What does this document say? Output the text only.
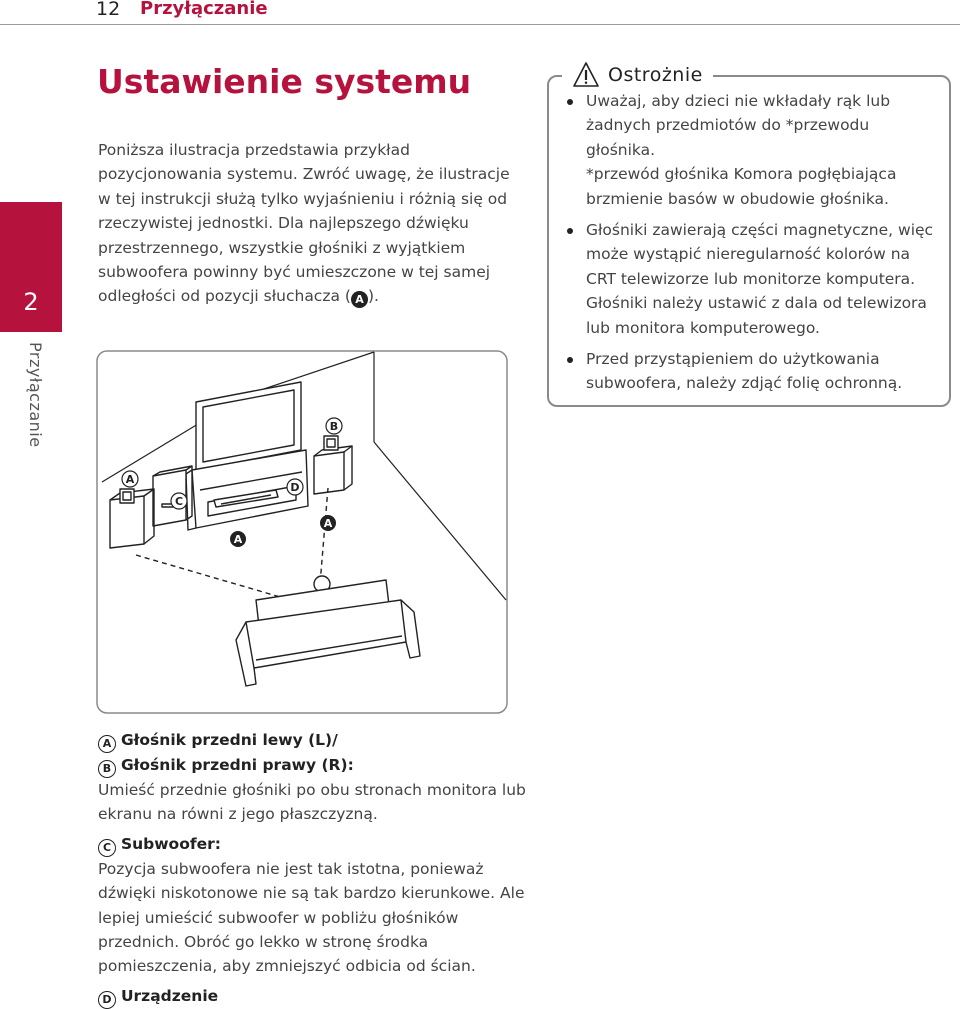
12 Przyłączanie
2
Przyłączanie
Ustawienie systemu
Poniższa ilustracja przedstawia przykład pozycjonowania systemu. Zwróć uwagę, że ilustracje w tej instrukcji służą tylko wyjaśnieniu i różnią się od rzeczywistej jednostki. Dla najlepszego dźwięku przestrzennego, wszystkie głośniki z wyjątkiem subwoofera powinny być umieszczone w tej samej odległości od pozycji słuchacza ( A ).
Ostrożnie
Uważaj, aby dzieci nie wkładały rąk lub żadnych przedmiotów do *przewodu głośnika.
*przewód głośnika Komora pogłębiająca brzmienie basów w obudowie głośnika.
Głośniki zawierają części magnetyczne, więc może wystąpić nieregularność kolorów na CRT telewizorze lub monitorze komputera. Głośniki należy ustawić z dala od telewizora lub monitora komputerowego.
Przed przystąpieniem do użytkowania subwoofera, należy zdjąć folię ochronną.
A
B
C
D
A
A

A Głośnik przedni lewy (L)/

B Głośnik przedni prawy (R):

Umieść przednie głośniki po obu stronach monitora lub ekranu na równi z jego płaszczyzną.

C Subwoofer:

Pozycja subwoofera nie jest tak istotna, ponieważ dźwięki niskotonowe nie są tak bardzo kierunkowe. Ale lepiej umieścić subwoofer w pobliżu głośników przednich. Obróć go lekko w stronę środka pomieszczenia, aby zmniejszyć odbicia od ścian.

D Urządzenie
